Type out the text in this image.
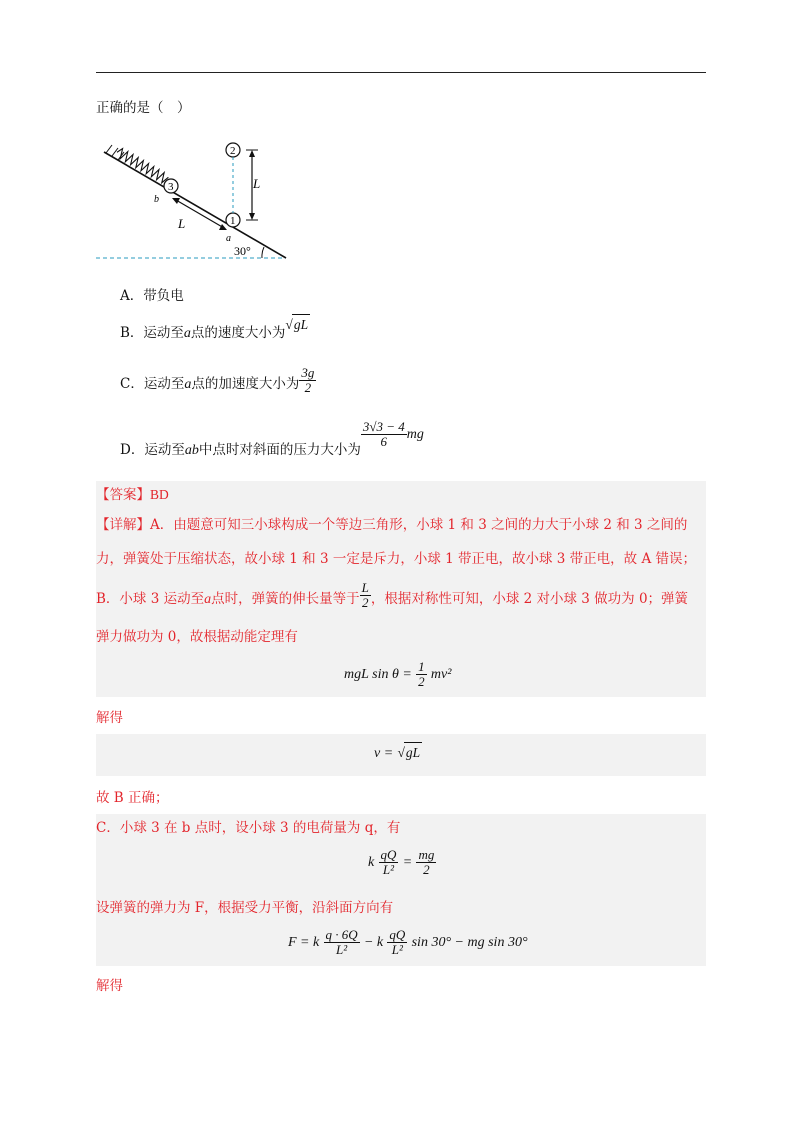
正确的是（　）
3
1
2
L
L
b
a
30°
A．带负电
B．运动至a点的速度大小为√gL
C．运动至a点的加速度大小为 $\frac{3g}{2}$
D．运动至ab中点时对斜面的压力大小为
$\frac{3√3 - 4}{6}$ mg
【答案】BD
【详解】A．由题意可知三小球构成一个等边三角形，小球 1 和 3 之间的力大于小球 2 和 3 之间的
力，弹簧处于压缩状态，故小球 1 和 3 一定是斥力，小球 1 带正电，故小球 3 带正电，故 A 错误；
B．小球 3 运动至a点时，弹簧的伸长量等于 $\frac{L}{2}$ ，根据对称性可知，小球 2 对小球 3 做功为 0；弹簧
弹力做功为 0，故根据动能定理有
mgL $\sin \theta = \frac{1}{2} mv^2$
解得
v = √gL
故 B 正确；
C．小球 3 在 b 点时，设小球 3 的电荷量为 q，有
k $\frac{qQ}{\text{L²}} = \frac{mg}{2}$
设弹簧的弹力为 F，根据受力平衡，沿斜面方向有
F = k $\frac{q \cdot 6Q}{\text{L²}} - k \frac{qQ}{\text{L²}}$ sin 30° − mg sin 30°
解得
